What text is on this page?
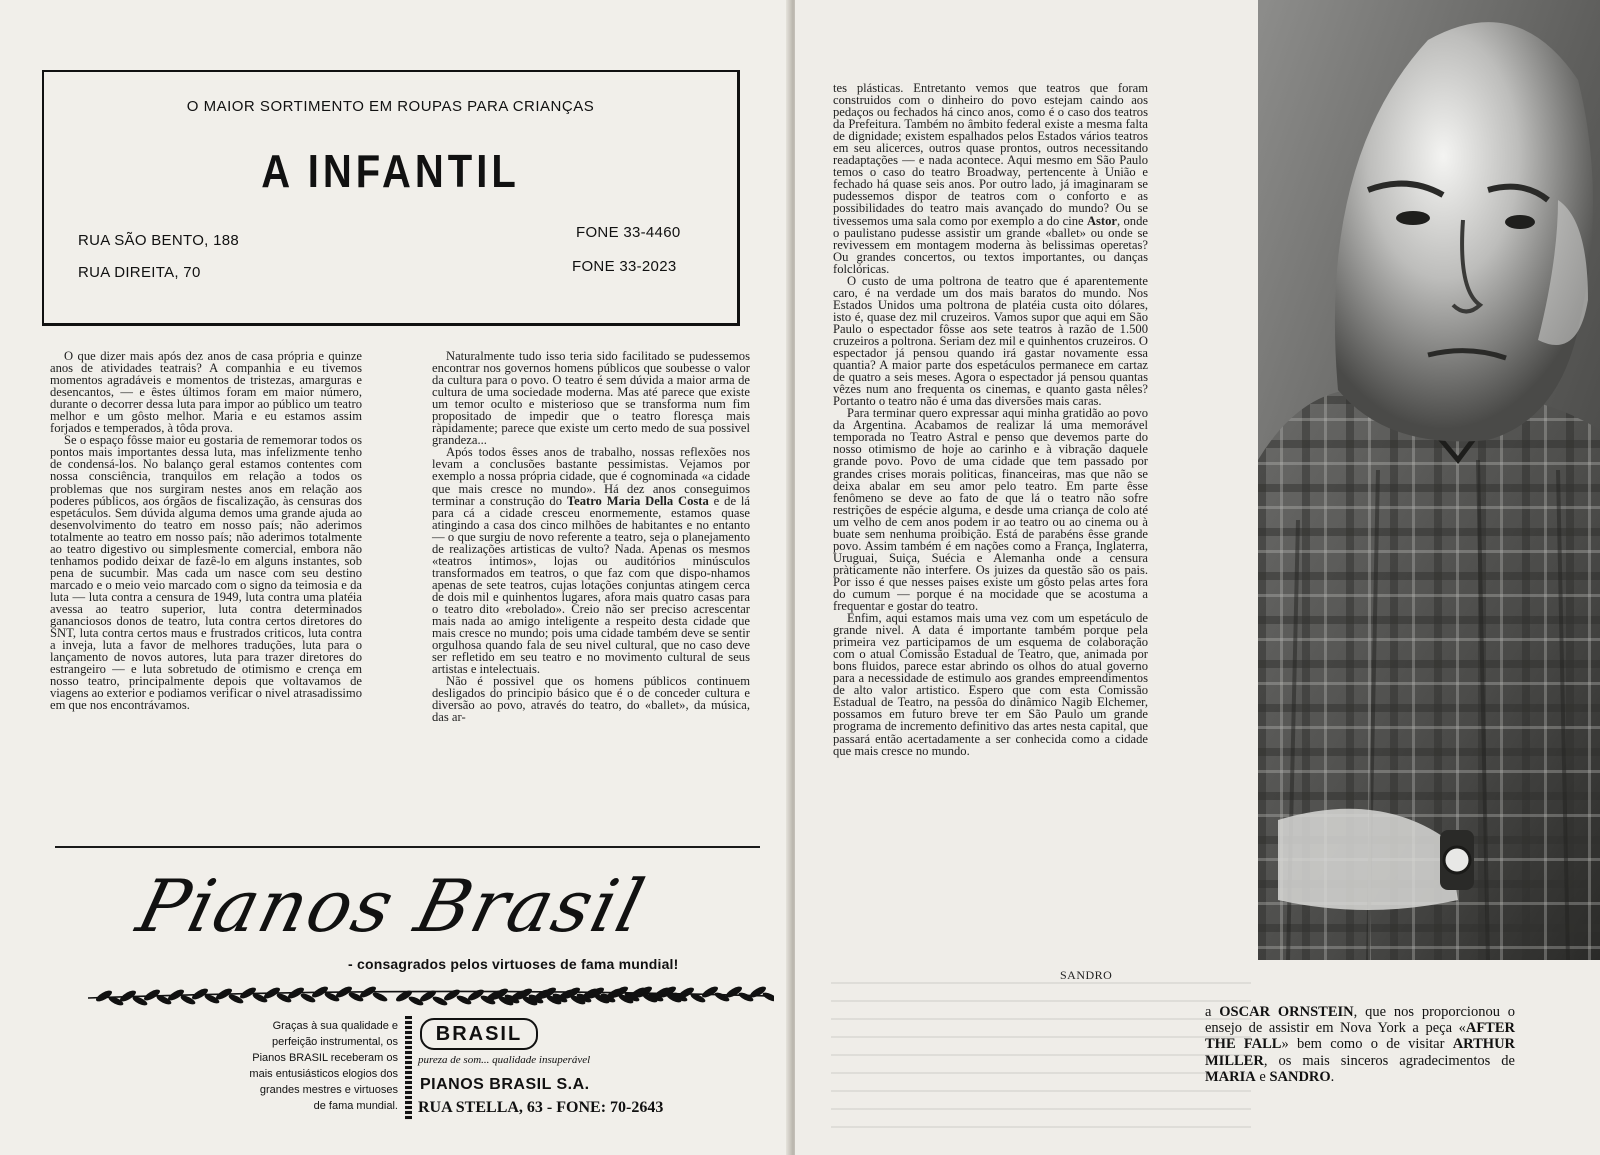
O MAIOR SORTIMENTO EM ROUPAS PARA CRIANÇAS
A INFANTIL
RUA SÃO BENTO, 188
RUA DIREITA, 70
FONE 33-4460
FONE 33-2023

O que dizer mais após dez anos de casa própria e quinze anos de atividades teatrais? A companhia e eu tivemos momentos agradáveis e momentos de tristezas, amarguras e desencantos, — e êstes últimos foram em maior número, durante o decorrer dessa luta para impor ao público um teatro melhor e um gôsto melhor. Maria e eu estamos assim forjados e temperados, à tôda prova.

Se o espaço fôsse maior eu gostaria de rememorar todos os pontos mais importantes dessa luta, mas infelizmente tenho de condensá-los. No balanço geral estamos contentes com nossa consciência, tranquilos em relação a todos os problemas que nos surgiram nestes anos em relação aos poderes públicos, aos órgãos de fiscalização, às censuras dos espetáculos. Sem dúvida alguma demos uma grande ajuda ao desenvolvimento do teatro em nosso país; não aderimos totalmente ao teatro em nosso país; não aderimos totalmente ao teatro digestivo ou simplesmente comercial, embora não tenhamos podido deixar de fazê-lo em alguns instantes, sob pena de sucumbir. Mas cada um nasce com seu destino marcado e o meio veio marcado com o signo da teimosia e da luta — luta contra a censura de 1949, luta contra uma platéia avessa ao teatro superior, luta contra determinados gananciosos donos de teatro, luta contra certos diretores do SNT, luta contra certos maus e frustrados criticos, luta contra a inveja, luta a favor de melhores traduções, luta para o lançamento de novos autores, luta para trazer diretores do estrangeiro — e luta sobretudo de otimismo e crença em nosso teatro, principalmente depois que voltavamos de viagens ao exterior e podiamos verificar o nivel atrasadissimo em que nos encontrávamos.

Naturalmente tudo isso teria sido facilitado se pudessemos encontrar nos governos homens públicos que soubesse o valor da cultura para o povo. O teatro é sem dúvida a maior arma de cultura de uma sociedade moderna. Mas até parece que existe um temor oculto e misterioso que se transforma num fim propositado de impedir que o teatro floresça mais ràpidamente; parece que existe um certo medo de sua possivel grandeza...

Após todos êsses anos de trabalho, nossas reflexões nos levam a conclusões bastante pessimistas. Vejamos por exemplo a nossa própria cidade, que é cognominada «a cidade que mais cresce no mundo». Há dez anos conseguimos terminar a construção do Teatro Maria Della Costa e de lá para cá a cidade cresceu enormemente, estamos quase atingindo a casa dos cinco milhões de habitantes e no entanto — o que surgiu de novo referente a teatro, seja o planejamento de realizações artisticas de vulto? Nada. Apenas os mesmos «teatros intimos», lojas ou auditórios minúsculos transformados em teatros, o que faz com que dispo-nhamos apenas de sete teatros, cujas lotações conjuntas atingem cerca de dois mil e quinhentos lugares, afora mais quatro casas para o teatro dito «rebolado». Creio não ser preciso acrescentar mais nada ao amigo inteligente a respeito desta cidade que mais cresce no mundo; pois uma cidade também deve se sentir orgulhosa quando fala de seu nivel cultural, que no caso deve ser refletido em seu teatro e no movimento cultural de seus artistas e intelectuais.

Não é possivel que os homens públicos continuem desligados do principio básico que é o de conceder cultura e diversão ao povo, através do teatro, do «ballet», da música, das ar-

Pianos Brasil
- consagrados pelos virtuoses de fama mundial!
Graças à sua qualidade e perfeição instrumental, os Pianos BRASIL receberam os mais entusiásticos elogios dos grandes mestres e virtuoses de fama mundial.
BRASIL
pureza de som... qualidade insuperável
PIANOS BRASIL S.A.
RUA STELLA, 63 - FONE: 70-2643

tes plásticas. Entretanto vemos que teatros que foram construidos com o dinheiro do povo estejam caindo aos pedaços ou fechados há cinco anos, como é o caso dos teatros da Prefeitura. Também no âmbito federal existe a mesma falta de dignidade; existem espalhados pelos Estados vários teatros em seu alicerces, outros quase prontos, outros necessitando readaptações — e nada acontece. Aqui mesmo em São Paulo temos o caso do teatro Broadway, pertencente à União e fechado há quase seis anos. Por outro lado, já imaginaram se pudessemos dispor de teatros com o conforto e as possibilidades do teatro mais avançado do mundo? Ou se tivessemos uma sala como por exemplo a do cine Astor, onde o paulistano pudesse assistir um grande «ballet» ou onde se revivessem em montagem moderna às belissimas operetas? Ou grandes concertos, ou textos importantes, ou danças folclóricas.

O custo de uma poltrona de teatro que é aparentemente caro, é na verdade um dos mais baratos do mundo. Nos Estados Unidos uma poltrona de platéia custa oito dólares, isto é, quase dez mil cruzeiros. Vamos supor que aqui em São Paulo o espectador fôsse aos sete teatros à razão de 1.500 cruzeiros a poltrona. Seriam dez mil e quinhentos cruzeiros. O espectador já pensou quando irá gastar novamente essa quantia? A maior parte dos espetáculos permanece em cartaz de quatro a seis meses. Agora o espectador já pensou quantas vêzes num ano frequenta os cinemas, e quanto gasta nêles? Portanto o teatro não é uma das diversões mais caras.

Para terminar quero expressar aqui minha gratidão ao povo da Argentina. Acabamos de realizar lá uma memorável temporada no Teatro Astral e penso que devemos parte do nosso otimismo de hoje ao carinho e à vibração daquele grande povo. Povo de uma cidade que tem passado por grandes crises morais politicas, financeiras, mas que não se deixa abalar em seu amor pelo teatro. Em parte êsse fenômeno se deve ao fato de que lá o teatro não sofre restrições de espécie alguma, e desde uma criança de colo até um velho de cem anos podem ir ao teatro ou ao cinema ou à buate sem nenhuma proibição. Está de parabéns êsse grande povo. Assim também é em nações como a França, Inglaterra, Uruguai, Suiça, Suécia e Alemanha onde a censura pràticamente não interfere. Os juizes da questão são os pais. Por isso é que nesses paises existe um gôsto pelas artes fora do cumum — porque é na mocidade que se acostuma a frequentar e gostar do teatro.

Enfim, aqui estamos mais uma vez com um espetáculo de grande nivel. A data é importante também porque pela primeira vez participamos de um esquema de colaboração com o atual Comissão Estadual de Teatro, que, animada por bons fluidos, parece estar abrindo os olhos do atual governo para a necessidade de estimulo aos grandes empreendimentos de alto valor artistico. Espero que com esta Comissão Estadual de Teatro, na pessôa do dinâmico Nagib Elchemer, possamos em futuro breve ter em São Paulo um grande programa de incremento definitivo das artes nesta capital, que passará então acertadamente a ser conhecida como a cidade que mais cresce no mundo.

SANDRO
a OSCAR ORNSTEIN, que nos proporcionou o ensejo de assistir em Nova York a peça «AFTER THE FALL» bem como o de visitar ARTHUR MILLER, os mais sinceros agradecimentos de MARIA e SANDRO.
